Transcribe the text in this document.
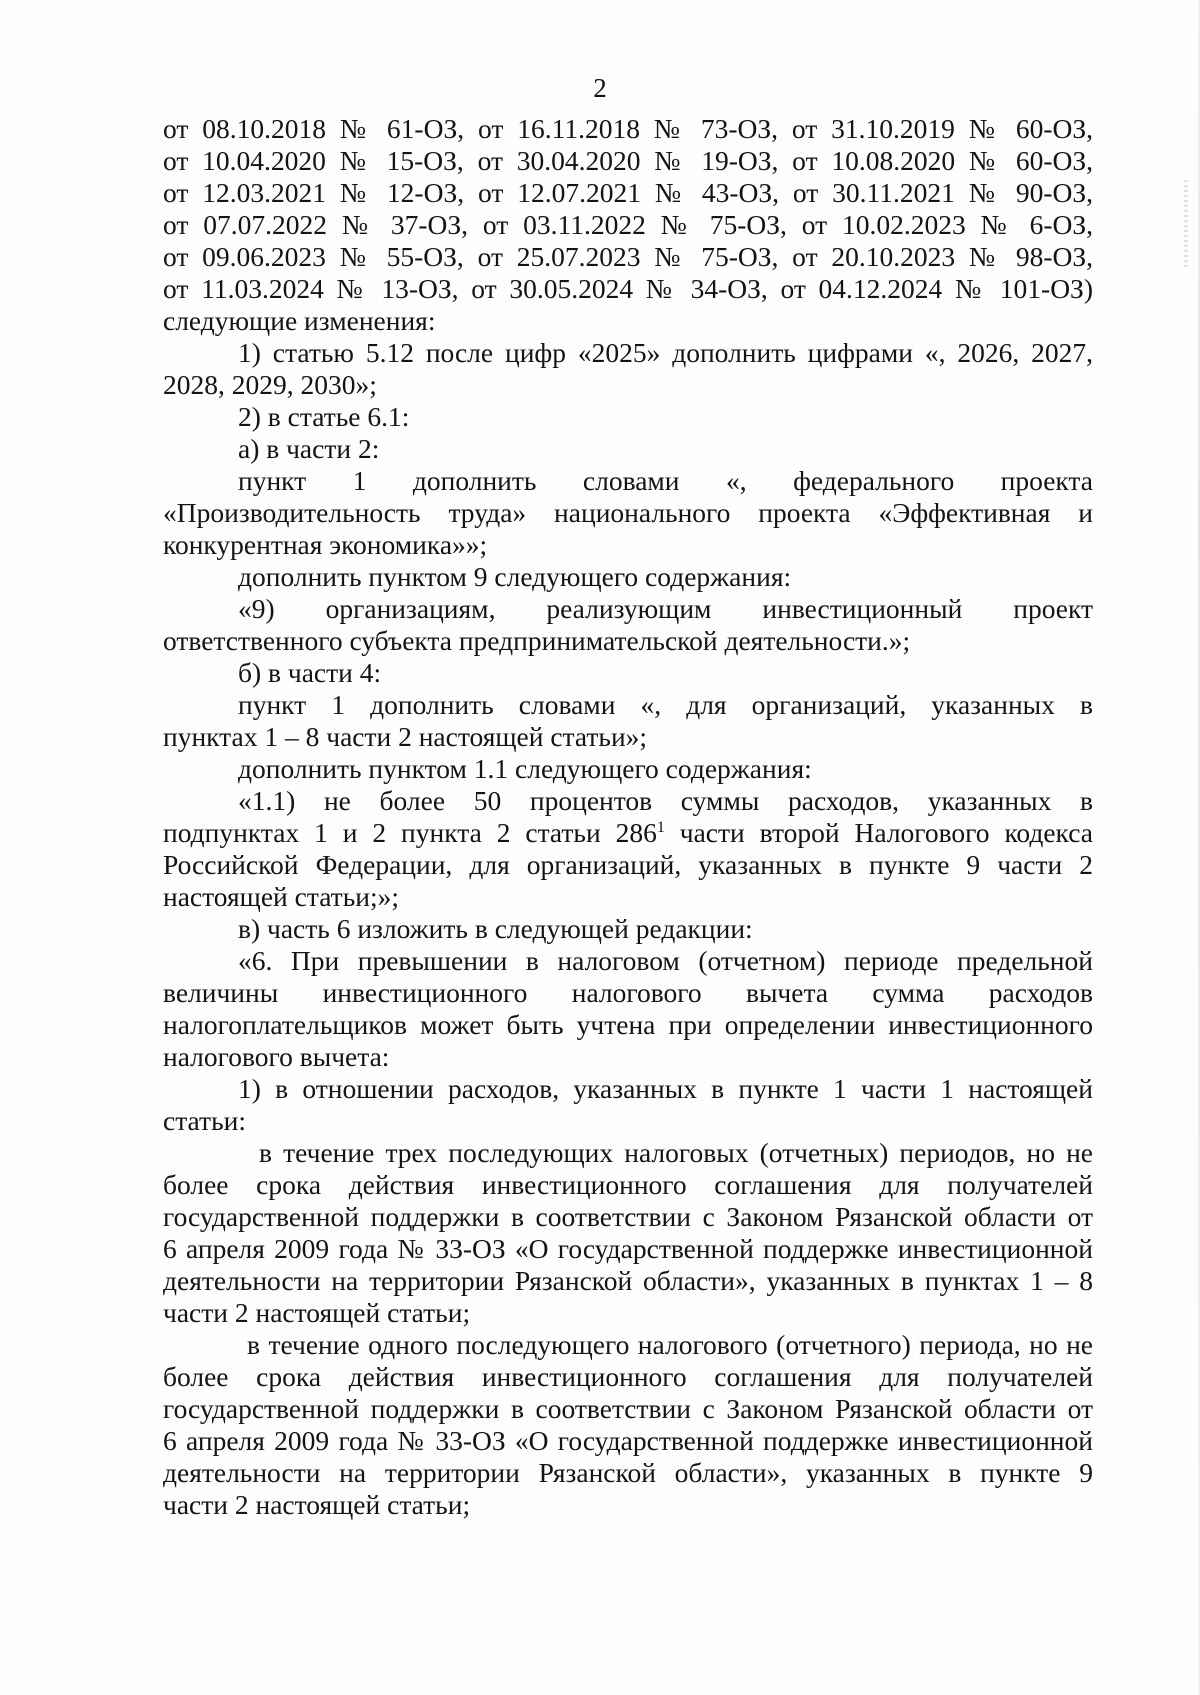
2
от 08.10.2018 № 61-ОЗ, от 16.11.2018 № 73-ОЗ, от 31.10.2019 № 60-ОЗ,
от 10.04.2020 № 15-ОЗ, от 30.04.2020 № 19-ОЗ, от 10.08.2020 № 60-ОЗ,
от 12.03.2021 № 12-ОЗ, от 12.07.2021 № 43-ОЗ, от 30.11.2021 № 90-ОЗ,
от 07.07.2022 № 37-ОЗ, от 03.11.2022 № 75-ОЗ, от 10.02.2023 № 6-ОЗ,
от 09.06.2023 № 55-ОЗ, от 25.07.2023 № 75-ОЗ, от 20.10.2023 № 98-ОЗ,
от 11.03.2024 № 13-ОЗ, от 30.05.2024 № 34-ОЗ, от 04.12.2024 № 101-ОЗ)
следующие изменения:
1) статью 5.12 после цифр «2025» дополнить цифрами «, 2026, 2027,
2028, 2029, 2030»;
2) в статье 6.1:
а) в части 2:
пункт 1 дополнить словами «, федерального проекта
«Производительность труда» национального проекта «Эффективная и
конкурентная экономика»»;
дополнить пунктом 9 следующего содержания:
«9) организациям, реализующим инвестиционный проект
ответственного субъекта предпринимательской деятельности.»;
б) в части 4:
пункт 1 дополнить словами «, для организаций, указанных в
пунктах 1 – 8 части 2 настоящей статьи»;
дополнить пунктом 1.1 следующего содержания:
«1.1) не более 50 процентов суммы расходов, указанных в
подпунктах 1 и 2 пункта 2 статьи $286^1$ части второй Налогового кодекса
Российской Федерации, для организаций, указанных в пункте 9 части 2
настоящей статьи;»;
в) часть 6 изложить в следующей редакции:
«6. При превышении в налоговом (отчетном) периоде предельной
величины инвестиционного налогового вычета сумма расходов
налогоплательщиков может быть учтена при определении инвестиционного
налогового вычета:
1) в отношении расходов, указанных в пункте 1 части 1 настоящей
статьи:
в течение трех последующих налоговых (отчетных) периодов, но не
более срока действия инвестиционного соглашения для получателей
государственной поддержки в соответствии с Законом Рязанской области от
6 апреля 2009 года № 33-ОЗ «О государственной поддержке инвестиционной
деятельности на территории Рязанской области», указанных в пунктах 1 – 8
части 2 настоящей статьи;
в течение одного последующего налогового (отчетного) периода, но не
более срока действия инвестиционного соглашения для получателей
государственной поддержки в соответствии с Законом Рязанской области от
6 апреля 2009 года № 33-ОЗ «О государственной поддержке инвестиционной
деятельности на территории Рязанской области», указанных в пункте 9
части 2 настоящей статьи;
